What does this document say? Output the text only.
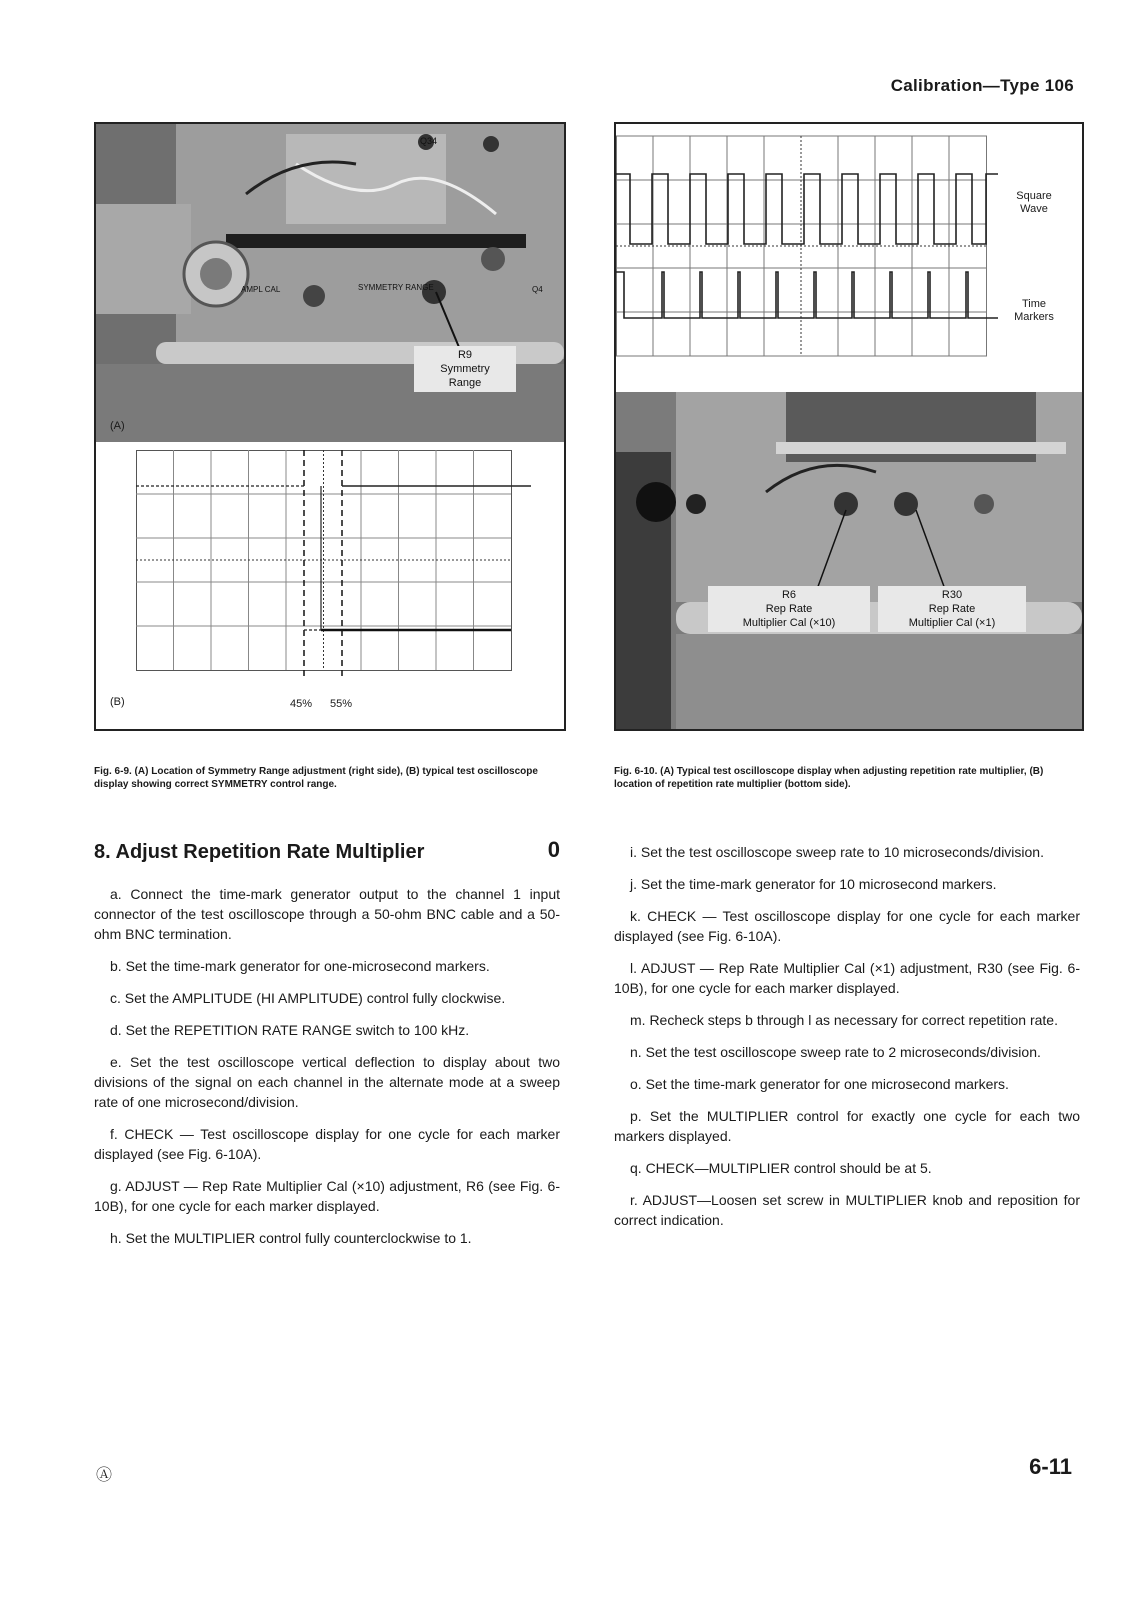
Calibration—Type 106
Q34
AMPL CAL	SYMMETRY RANGE	Q4
R9
Symmetry
Range
(A)
(B)	45% 55%
Square
Wave
Time
Markers
R6
Rep Rate
Multiplier Cal (×10)
R30
Rep Rate
Multiplier Cal (×1)
Fig. 6-9. (A) Location of Symmetry Range adjustment (right side), (B) typical test oscilloscope display showing correct SYMMETRY control range.
Fig. 6-10. (A) Typical test oscilloscope display when adjusting repetition rate multiplier, (B) location of repetition rate multiplier (bottom side).
8. Adjust Repetition Rate Multiplier	0

a. Connect the time-mark generator output to the channel 1 input connector of the test oscilloscope through a 50-ohm BNC cable and a 50-ohm BNC termination.

b. Set the time-mark generator for one-microsecond markers.

c. Set the AMPLITUDE (HI AMPLITUDE) control fully clockwise.

d. Set the REPETITION RATE RANGE switch to 100 kHz.

e. Set the test oscilloscope vertical deflection to display about two divisions of the signal on each channel in the alternate mode at a sweep rate of one microsecond/division.

f. CHECK — Test oscilloscope display for one cycle for each marker displayed (see Fig. 6-10A).

g. ADJUST — Rep Rate Multiplier Cal (×10) adjustment, R6 (see Fig. 6-10B), for one cycle for each marker displayed.

h. Set the MULTIPLIER control fully counterclockwise to 1.

i. Set the test oscilloscope sweep rate to 10 microseconds/division.

j. Set the time-mark generator for 10 microsecond markers.

k. CHECK — Test oscilloscope display for one cycle for each marker displayed (see Fig. 6-10A).

l. ADJUST — Rep Rate Multiplier Cal (×1) adjustment, R30 (see Fig. 6-10B), for one cycle for each marker displayed.

m. Recheck steps b through l as necessary for correct repetition rate.

n. Set the test oscilloscope sweep rate to 2 microseconds/division.

o. Set the time-mark generator for one microsecond markers.

p. Set the MULTIPLIER control for exactly one cycle for each two markers displayed.

q. CHECK—MULTIPLIER control should be at 5.

r. ADJUST—Loosen set screw in MULTIPLIER knob and reposition for correct indication.

Ⓐ	6-11
